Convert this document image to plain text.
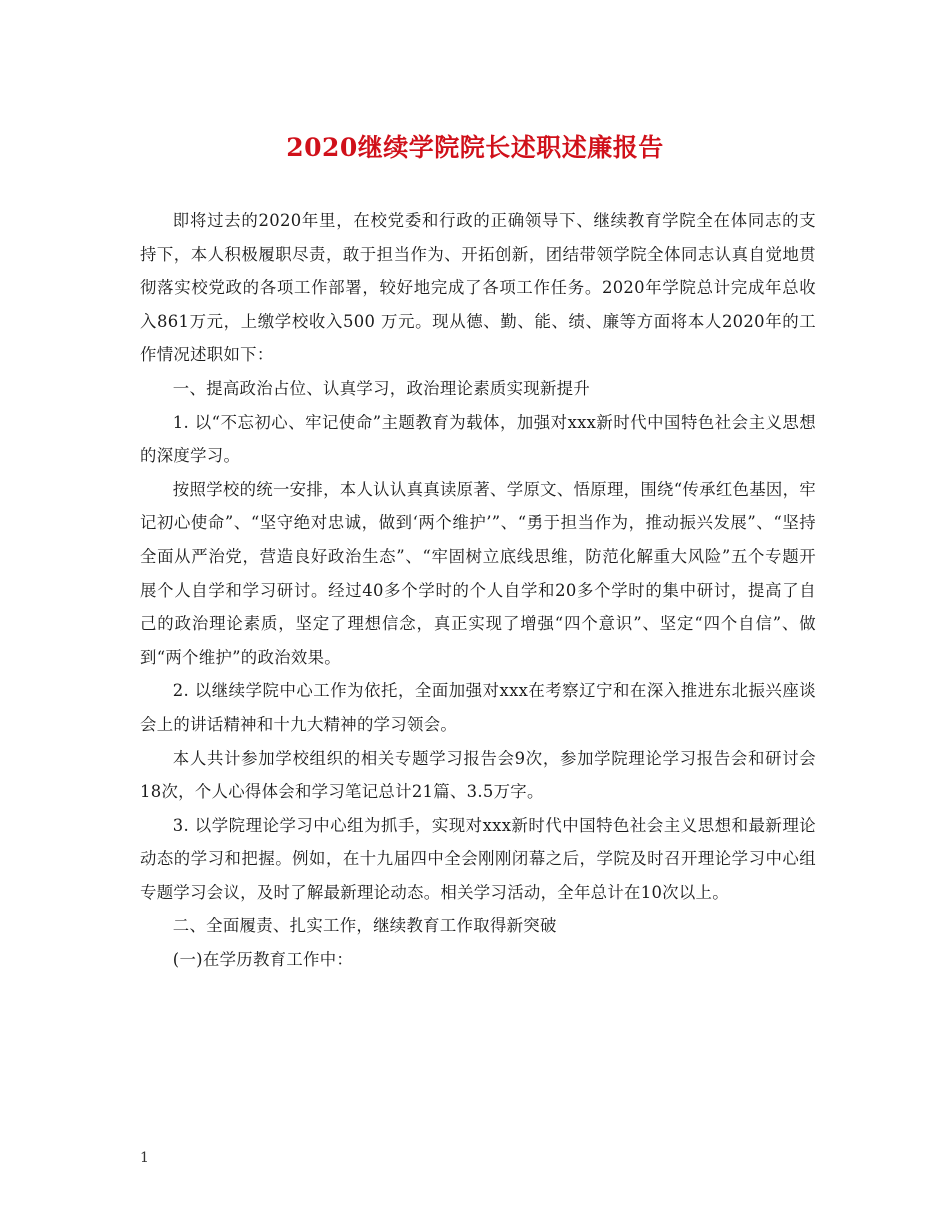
2020继续学院院长述职述廉报告

即将过去的2020年里，在校党委和行政的正确领导下、继续教育学院全在体同志的支持下，本人积极履职尽责，敢于担当作为、开拓创新，团结带领学院全体同志认真自觉地贯彻落实校党政的各项工作部署，较好地完成了各项工作任务。2020年学院总计完成年总收入861万元，上缴学校收入500 万元。现从德、勤、能、绩、廉等方面将本人2020年的工作情况述职如下：

一、提高政治占位、认真学习，政治理论素质实现新提升

1. 以“不忘初心、牢记使命”主题教育为载体，加强对xxx新时代中国特色社会主义思想的深度学习。

按照学校的统一安排，本人认认真真读原著、学原文、悟原理，围绕“传承红色基因，牢记初心使命”、“坚守绝对忠诚，做到‘两个维护’”、“勇于担当作为，推动振兴发展”、“坚持全面从严治党，营造良好政治生态”、“牢固树立底线思维，防范化解重大风险”五个专题开展个人自学和学习研讨。经过40多个学时的个人自学和20多个学时的集中研讨，提高了自己的政治理论素质，坚定了理想信念，真正实现了增强“四个意识”、坚定“四个自信”、做到“两个维护”的政治效果。

2. 以继续学院中心工作为依托，全面加强对xxx在考察辽宁和在深入推进东北振兴座谈会上的讲话精神和十九大精神的学习领会。

本人共计参加学校组织的相关专题学习报告会9次，参加学院理论学习报告会和研讨会18次，个人心得体会和学习笔记总计21篇、3.5万字。

3. 以学院理论学习中心组为抓手，实现对xxx新时代中国特色社会主义思想和最新理论动态的学习和把握。例如，在十九届四中全会刚刚闭幕之后，学院及时召开理论学习中心组专题学习会议，及时了解最新理论动态。相关学习活动，全年总计在10次以上。

二、全面履责、扎实工作，继续教育工作取得新突破

(一)在学历教育工作中：

1
